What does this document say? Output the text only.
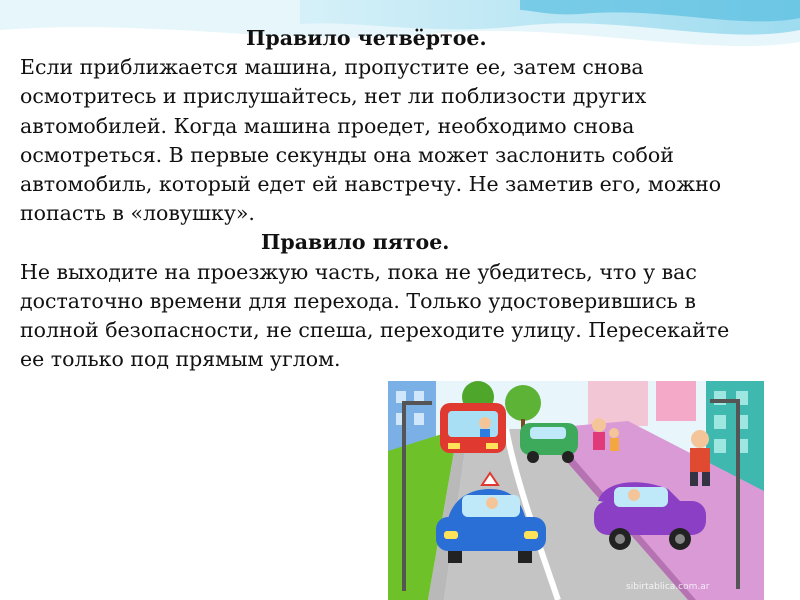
Правило четвёртое.
Если приближается машина, пропустите ее, затем снова
осмотритесь и прислушайтесь, нет ли поблизости других
автомобилей. Когда машина проедет, необходимо снова
осмотреться. В первые секунды она может заслонить собой
автомобиль, который едет ей навстречу. Не заметив его, можно
попасть в «ловушку».
Правило пятое.
Не выходите на проезжую часть, пока не убедитесь, что у вас
достаточно времени для перехода. Только удостоверившись в
полной безопасности, не спеша, переходите улицу. Пересекайте
ее только под прямым углом.
sibirtablica.com.ar
